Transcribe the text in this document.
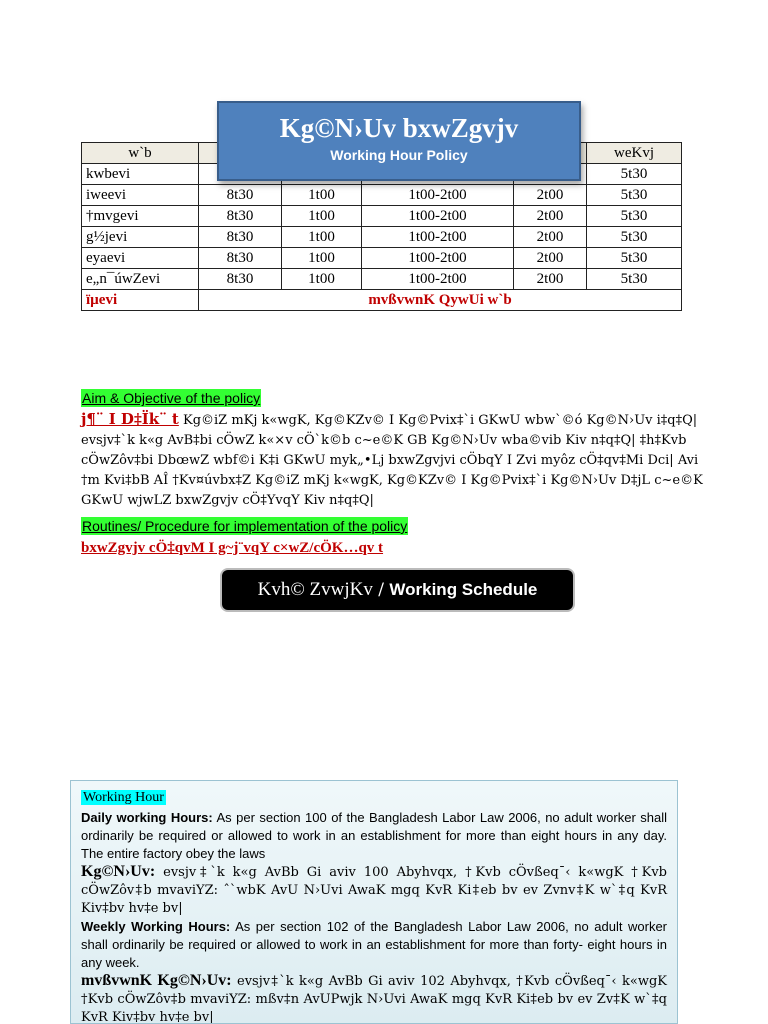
w`b					weKvj
kwbevi					5t30
iweevi	8t30	1t00	1t00-2t00	2t00	5t30
†mvgevi	8t30	1t00	1t00-2t00	2t00	5t30
g½jevi	8t30	1t00	1t00-2t00	2t00	5t30
eyaevi	8t30	1t00	1t00-2t00	2t00	5t30
e„n¯úwZevi	8t30	1t00	1t00-2t00	2t00	5t30
ïµevi	mvßvwnK QywUi w`b				
Kg©N›Uv bxwZgvjv
Working Hour Policy
Aim & Objective of the policy

j¶¨ I D‡Ïk¨ t Kg©iZ mKj k«wgK, Kg©KZv© I Kg©Pvix‡`i GKwU wbw`©ó Kg©N›Uv i‡q‡Q| evsjv‡`k k«g AvB‡bi cÖwZ k«×v cÖ`k©b c~e©K GB Kg©N›Uv wba©vib Kiv n‡q‡Q| ‡h‡Kvb cÖwZôv‡bi DbœwZ wbf©i K‡i GKwU myk„•Lj bxwZgvjvi cÖbqY I Zvi myôz cÖ‡qv‡Mi Dci| Avi †m Kvi‡bB AÎ †Kv¤úvbx‡Z Kg©iZ mKj k«wgK, Kg©KZv© I Kg©Pvix‡`i Kg©N›Uv D‡jL c~e©K GKwU wjwLZ bxwZgvjv cÖ‡YvqY Kiv n‡q‡Q|

Routines/ Procedure for implementation of the policy
bxwZgvjv cÖ‡qvM I g~j¨vqY c×wZ/cÖK…qv t
Kvh© ZvwjKv / Working Schedule
Working Hour

Daily working Hours: As per section 100 of the Bangladesh Labor Law 2006, no adult worker shall ordinarily be required or allowed to work in an establishment for more than eight hours in any day. The entire factory obey the laws

Kg©N›Uv: evsjv‡`k k«g AvBb Gi aviv 100 Abyhvqx, †Kvb cÖvßeq¯‹ k«wgK †Kvb cÖwZôv‡b mvaviYZ: ˆ`wbK AvU N›Uvi AwaK mgq KvR Ki‡eb bv ev Zvnv‡K w`‡q KvR Kiv‡bv hv‡e bv|

Weekly Working Hours: As per section 102 of the Bangladesh Labor Law 2006, no adult worker shall ordinarily be required or allowed to work in an establishment for more than forty- eight hours in any week.

mvßvwnK Kg©N›Uv: evsjv‡`k k«g AvBb Gi aviv 102 Abyhvqx, †Kvb cÖvßeq¯‹ k«wgK †Kvb cÖwZôv‡b mvaviYZ: mßv‡n AvUPwjk N›Uvi AwaK mgq KvR Ki‡eb bv ev Zv‡K w`‡q KvR Kiv‡bv hv‡e bv|
